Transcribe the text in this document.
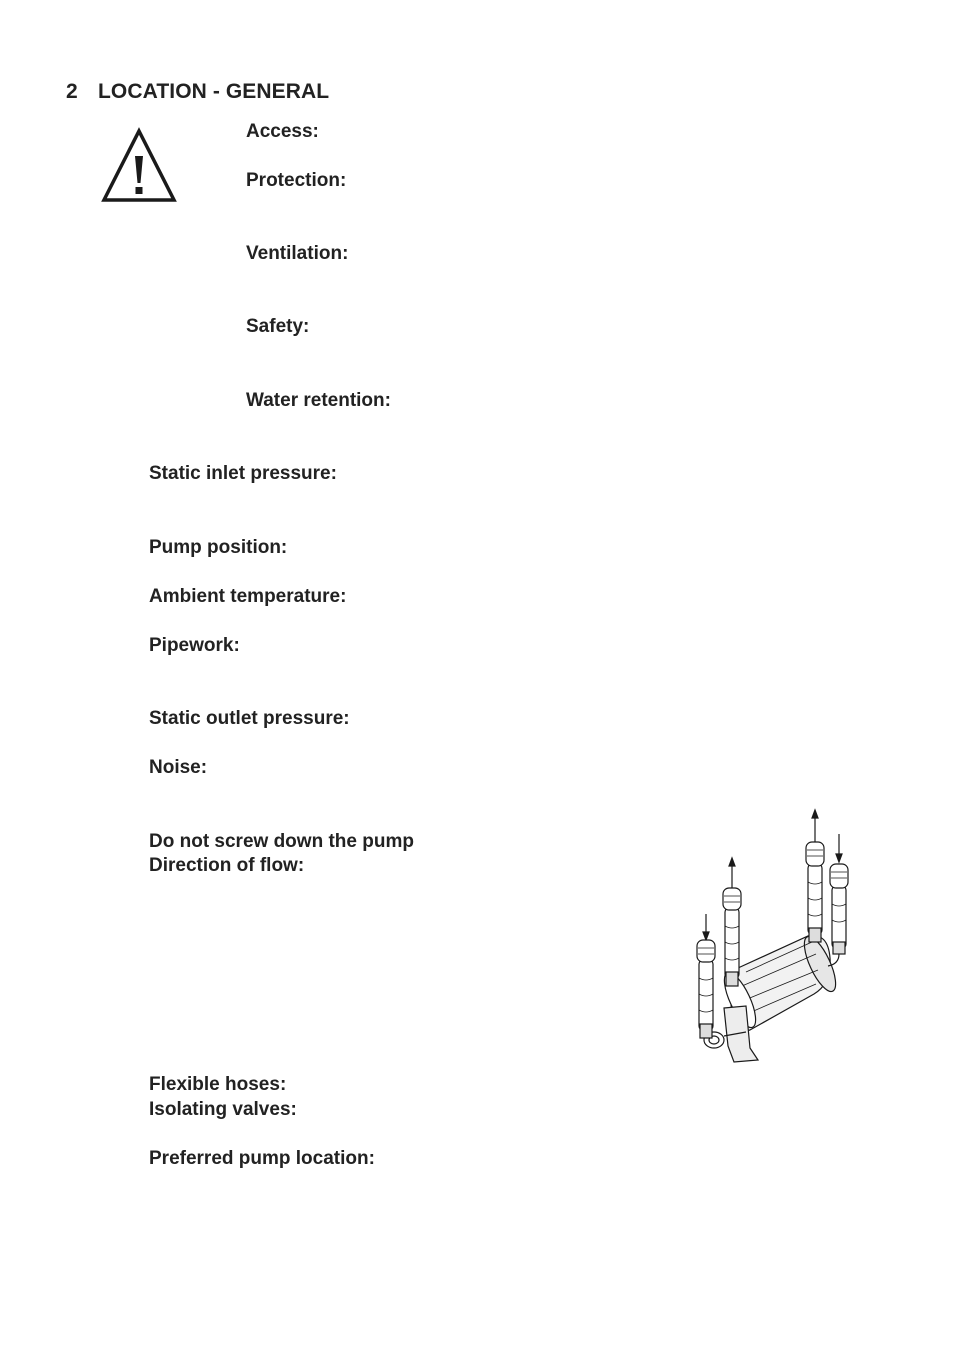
2 LOCATION - GENERAL
Access:
Protection:
Ventilation:
Safety:
Water retention:
Static inlet pressure:
Pump position:
Ambient temperature:
Pipework:
Static outlet pressure:
Noise:
Do not screw down the pump
Direction of flow:
Flexible hoses:
Isolating valves:
Preferred pump location:
